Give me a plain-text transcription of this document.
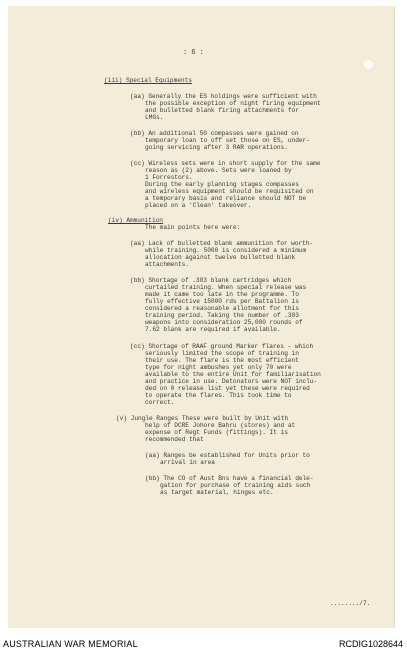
: 6 :
(iii) Special Equipments
(aa) Generally the ES holdings were sufficient with
the possible exception of night firing equipment
and bulletted blank firing attachments for
LMGs.
(bb) An additional 50 compasses were gained on
temporary loan to off set those on ES, under-
going servicing after 3 RAR operations.
(cc) Wireless sets were in short supply for the same
reason as (2) above. Sets were loaned by
1 Forrestors.
During the early planning stages compasses
and wireless equipment should be requisited on
a temporary basis and reliance should NOT be
placed on a 'Clean' takeover.
(iv) Ammunition
The main points here were:
(aa) Lack of bulletted blank ammunition for worth-
while training. 5000 is considered a minimum
allocation against twelve bulletted blank
attachments.
(bb) Shortage of .303 blank cartridges which
curtailed training. When special release was
made it came too late in the programme. To
fully effective 15000 rds per Battalion is
considered a reasonable allotment for this
training period. Taking the number of .303
weapons into consideration 25,000 rounds of
7.62 blank are required if available.
(cc) Shortage of RAAF ground Marker flares - which
seriously limited the scope of training in
their use. The flare is the most efficient
type for night ambushes yet only 70 were
available to the entire Unit for familiarisation
and practice in use. Detonators were NOT inclu-
ded on 0 release list yet these were required
to operate the flares. This took time to
correct.
(v) Jungle Ranges These were built by Unit with
help of DCRE Johore Bahru (stores) and at
expense of Regt Funds (fittings). It is
recommended that
(aa) Ranges be established for Units prior to
arrival in area
(bb) The CO of Aust Bns have a financial dele-
gation for purchase of training aids such
as target material, hinges etc.
......../7.
AUSTRALIAN WAR MEMORIAL	RCDIG1028644
